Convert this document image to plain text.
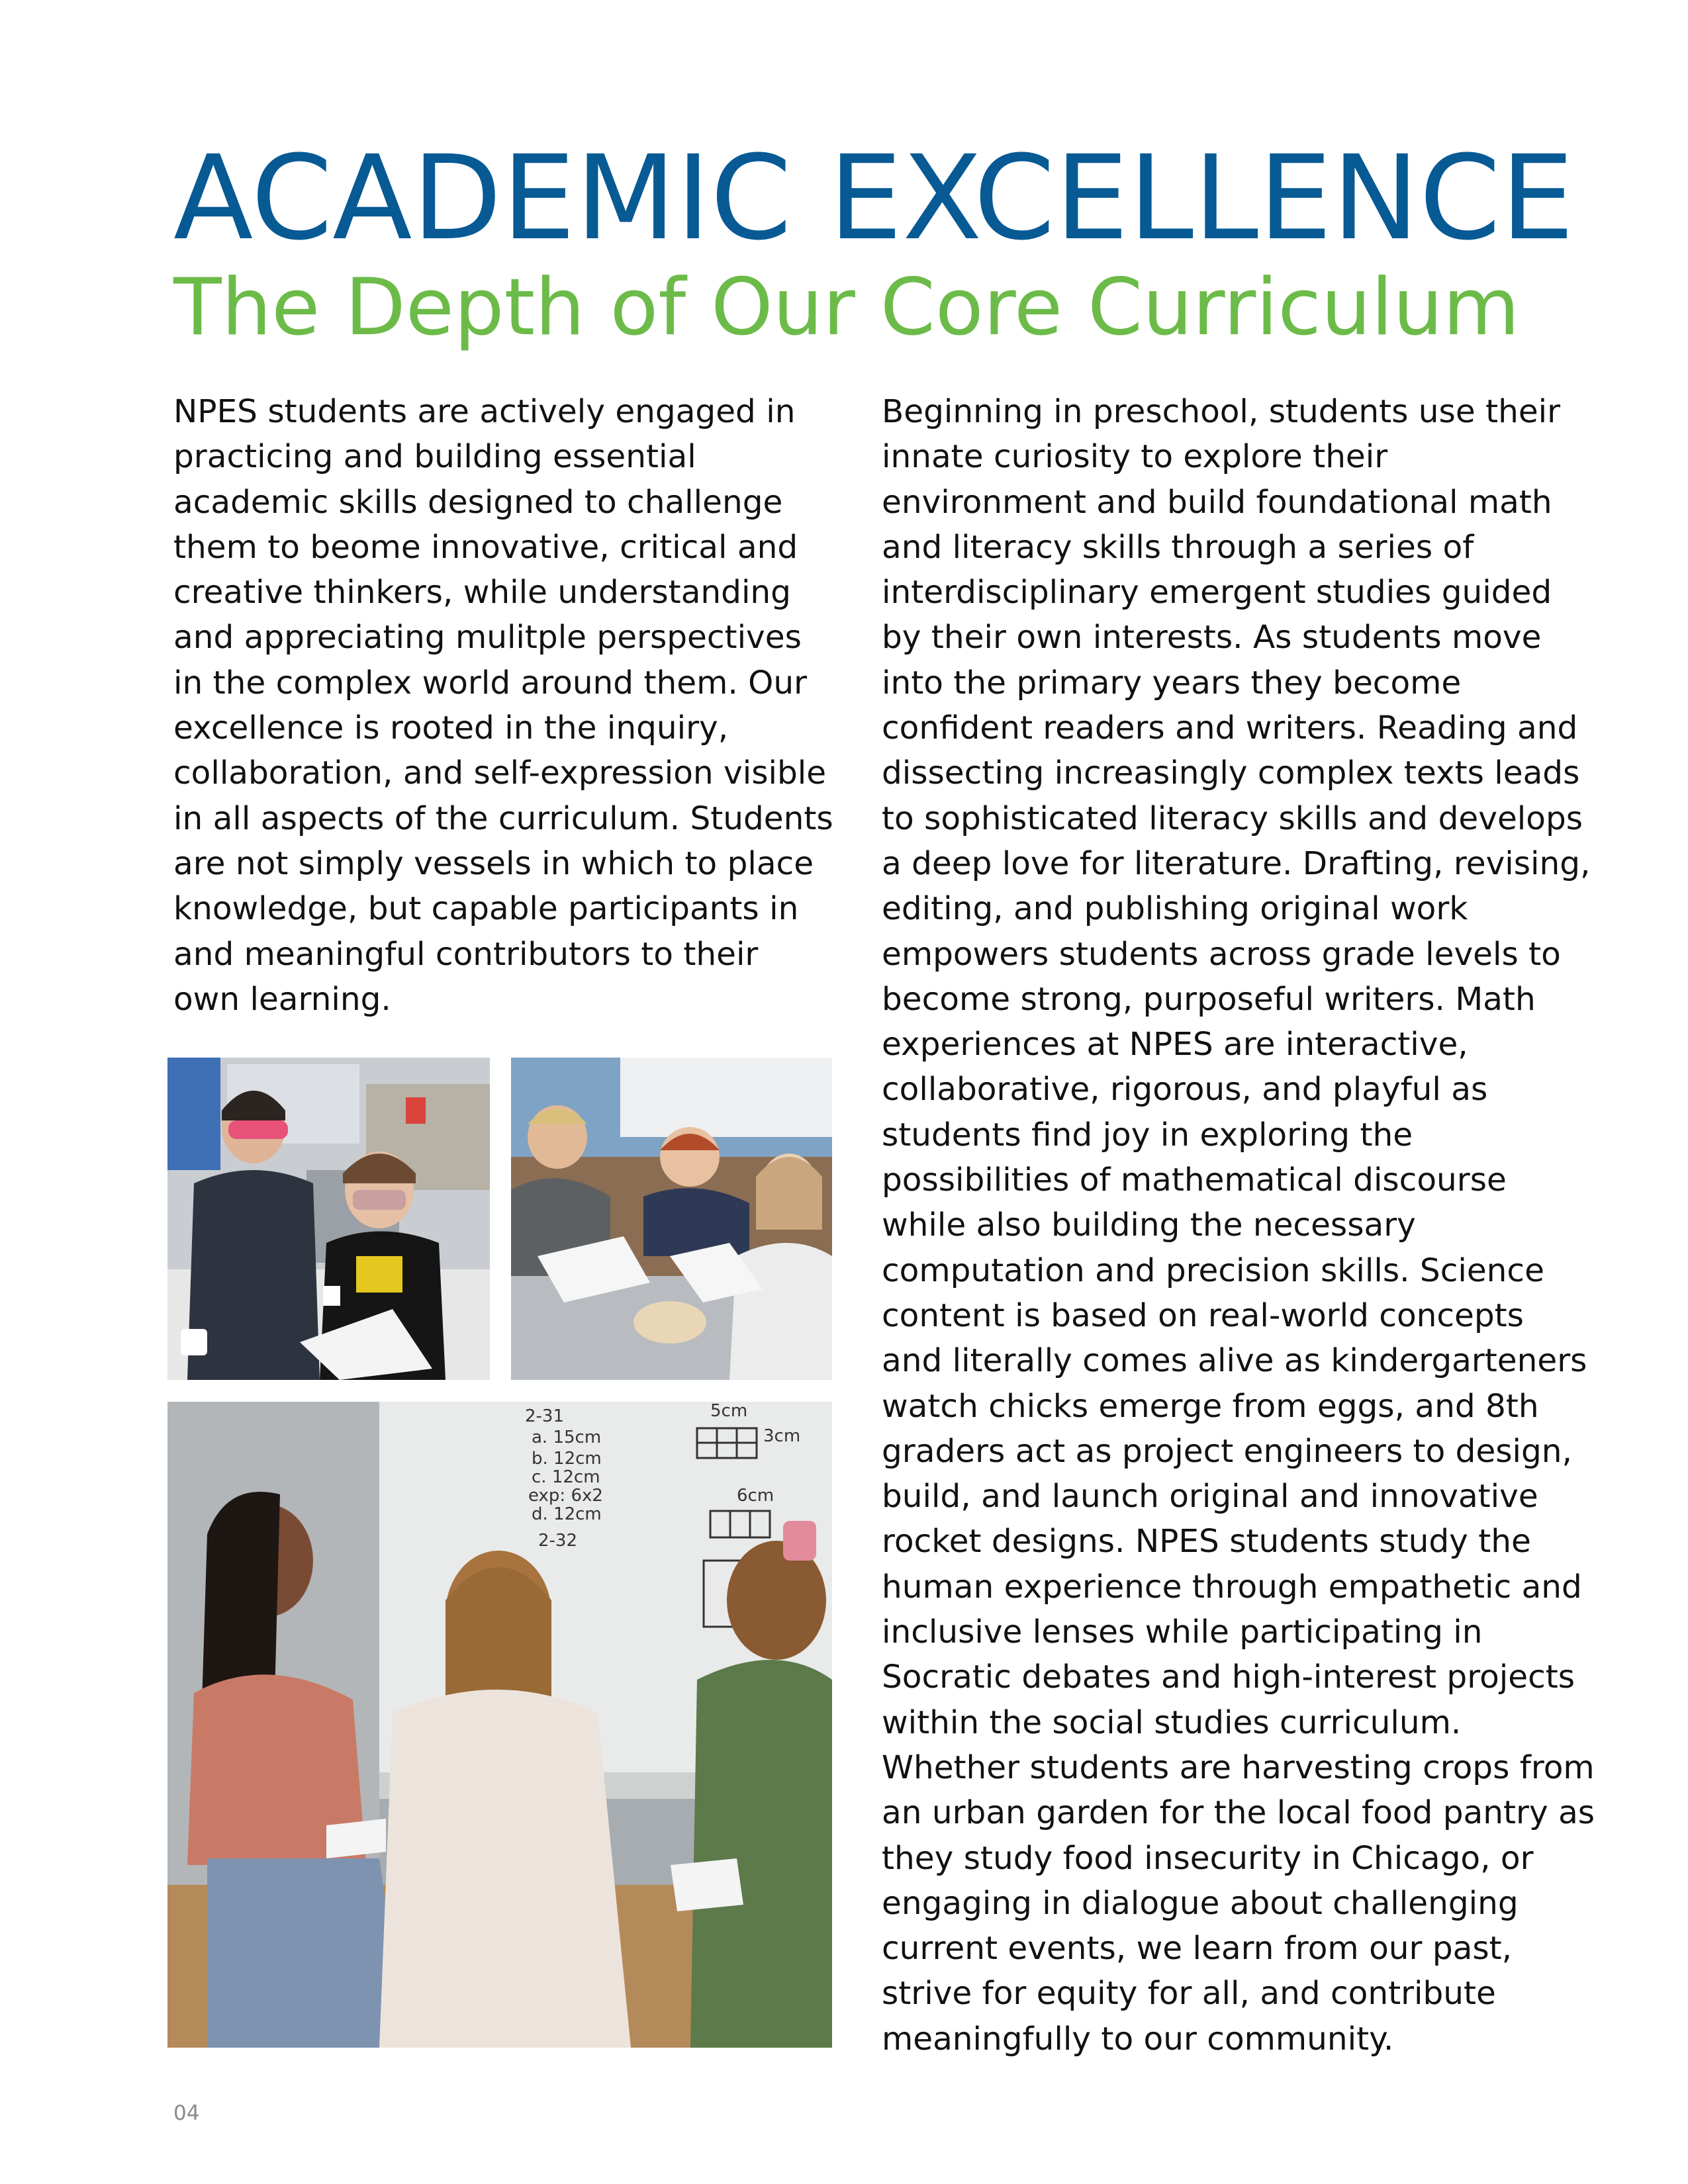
ACADEMIC EXCELLENCE
The Depth of Our Core Curriculum

NPES students are actively engaged in
practicing and building essential
academic skills designed to challenge
them to beome innovative, critical and
creative thinkers, while understanding
and appreciating mulitple perspectives
in the complex world around them. Our
excellence is rooted in the inquiry,
collaboration, and self-expression visible
in all aspects of the curriculum. Students
are not simply vessels in which to place
knowledge, but capable participants in
and meaningful contributors to their
own learning.

Beginning in preschool, students use their
innate curiosity to explore their
environment and build foundational math
and literacy skills through a series of
interdisciplinary emergent studies guided
by their own interests. As students move
into the primary years they become
confident readers and writers. Reading and
dissecting increasingly complex texts leads
to sophisticated literacy skills and develops
a deep love for literature. Drafting, revising,
editing, and publishing original work
empowers students across grade levels to
become strong, purposeful writers. Math
experiences at NPES are interactive,
collaborative, rigorous, and playful as
students find joy in exploring the
possibilities of mathematical discourse
while also building the necessary
computation and precision skills. Science
content is based on real-world concepts
and literally comes alive as kindergarteners
watch chicks emerge from eggs, and 8th
graders act as project engineers to design,
build, and launch original and innovative
rocket designs. NPES students study the
human experience through empathetic and
inclusive lenses while participating in
Socratic debates and high-interest projects
within the social studies curriculum.
Whether students are harvesting crops from
an urban garden for the local food pantry as
they study food insecurity in Chicago, or
engaging in dialogue about challenging
current events, we learn from our past,
strive for equity for all, and contribute
meaningfully to our community.

2-31
a. 15cm
b. 12cm
c. 12cm
exp: 6x2
d. 12cm
2-32
5cm
3cm
6cm

04
